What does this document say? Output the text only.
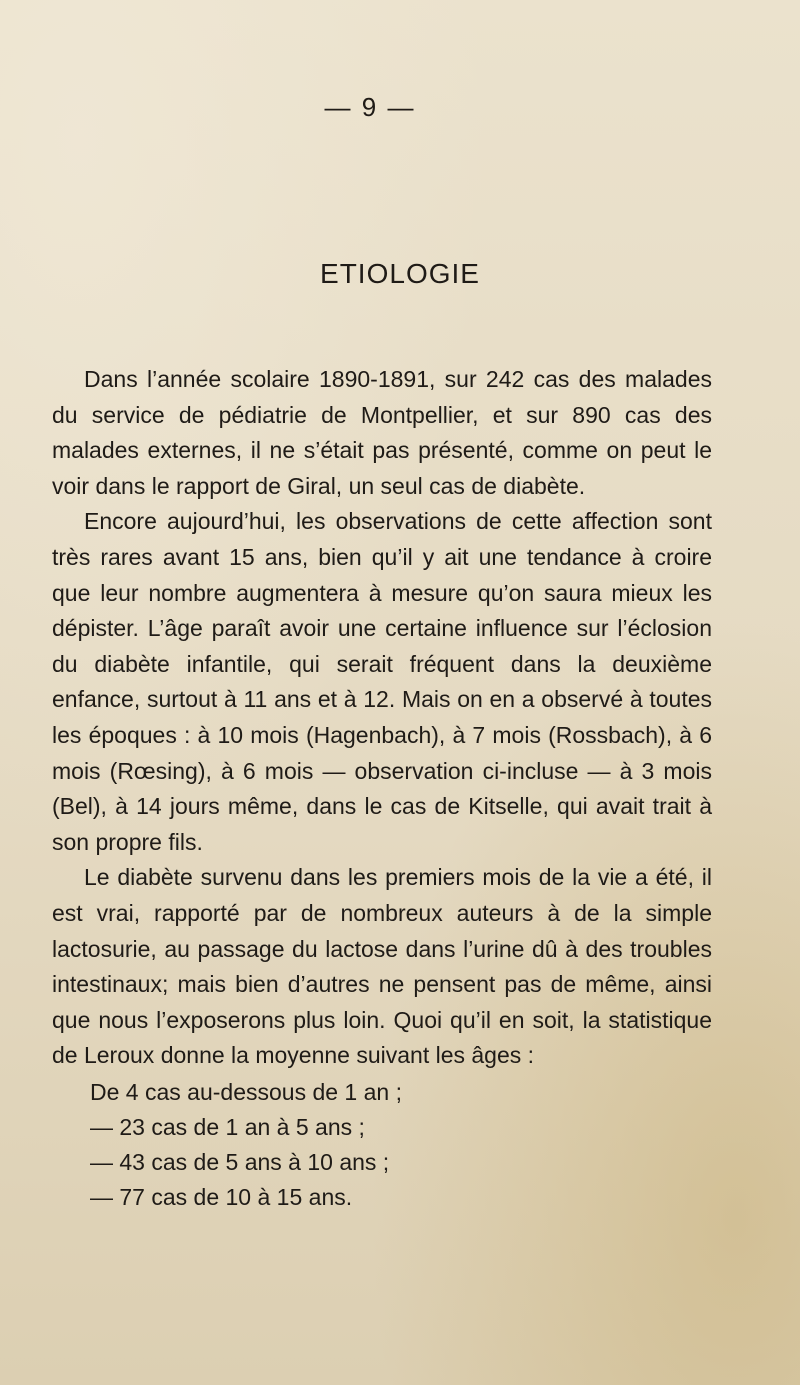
— 9 —
ETIOLOGIE

Dans l’année scolaire 1890-1891, sur 242 cas des malades du service de pédiatrie de Montpellier, et sur 890 cas des malades externes, il ne s’était pas présenté, comme on peut le voir dans le rapport de Giral, un seul cas de diabète.

Encore aujourd’hui, les observations de cette affection sont très rares avant 15 ans, bien qu’il y ait une tendance à croire que leur nombre augmentera à mesure qu’on saura mieux les dépister. L’âge paraît avoir une certaine influence sur l’éclosion du diabète infantile, qui serait fréquent dans la deuxième enfance, surtout à 11 ans et à 12. Mais on en a observé à toutes les époques : à 10 mois (Hagenbach), à 7 mois (Rossbach), à 6 mois (Rœsing), à 6 mois — observation ci-incluse — à 3 mois (Bel), à 14 jours même, dans le cas de Kitselle, qui avait trait à son propre fils.

Le diabète survenu dans les premiers mois de la vie a été, il est vrai, rapporté par de nombreux auteurs à de la simple lactosurie, au passage du lactose dans l’urine dû à des troubles intestinaux; mais bien d’autres ne pensent pas de même, ainsi que nous l’exposerons plus loin. Quoi qu’il en soit, la statistique de Leroux donne la moyenne suivant les âges :

De 4 cas au-dessous de 1 an ;
— 23 cas de 1 an à 5 ans ;
— 43 cas de 5 ans à 10 ans ;
— 77 cas de 10 à 15 ans.
